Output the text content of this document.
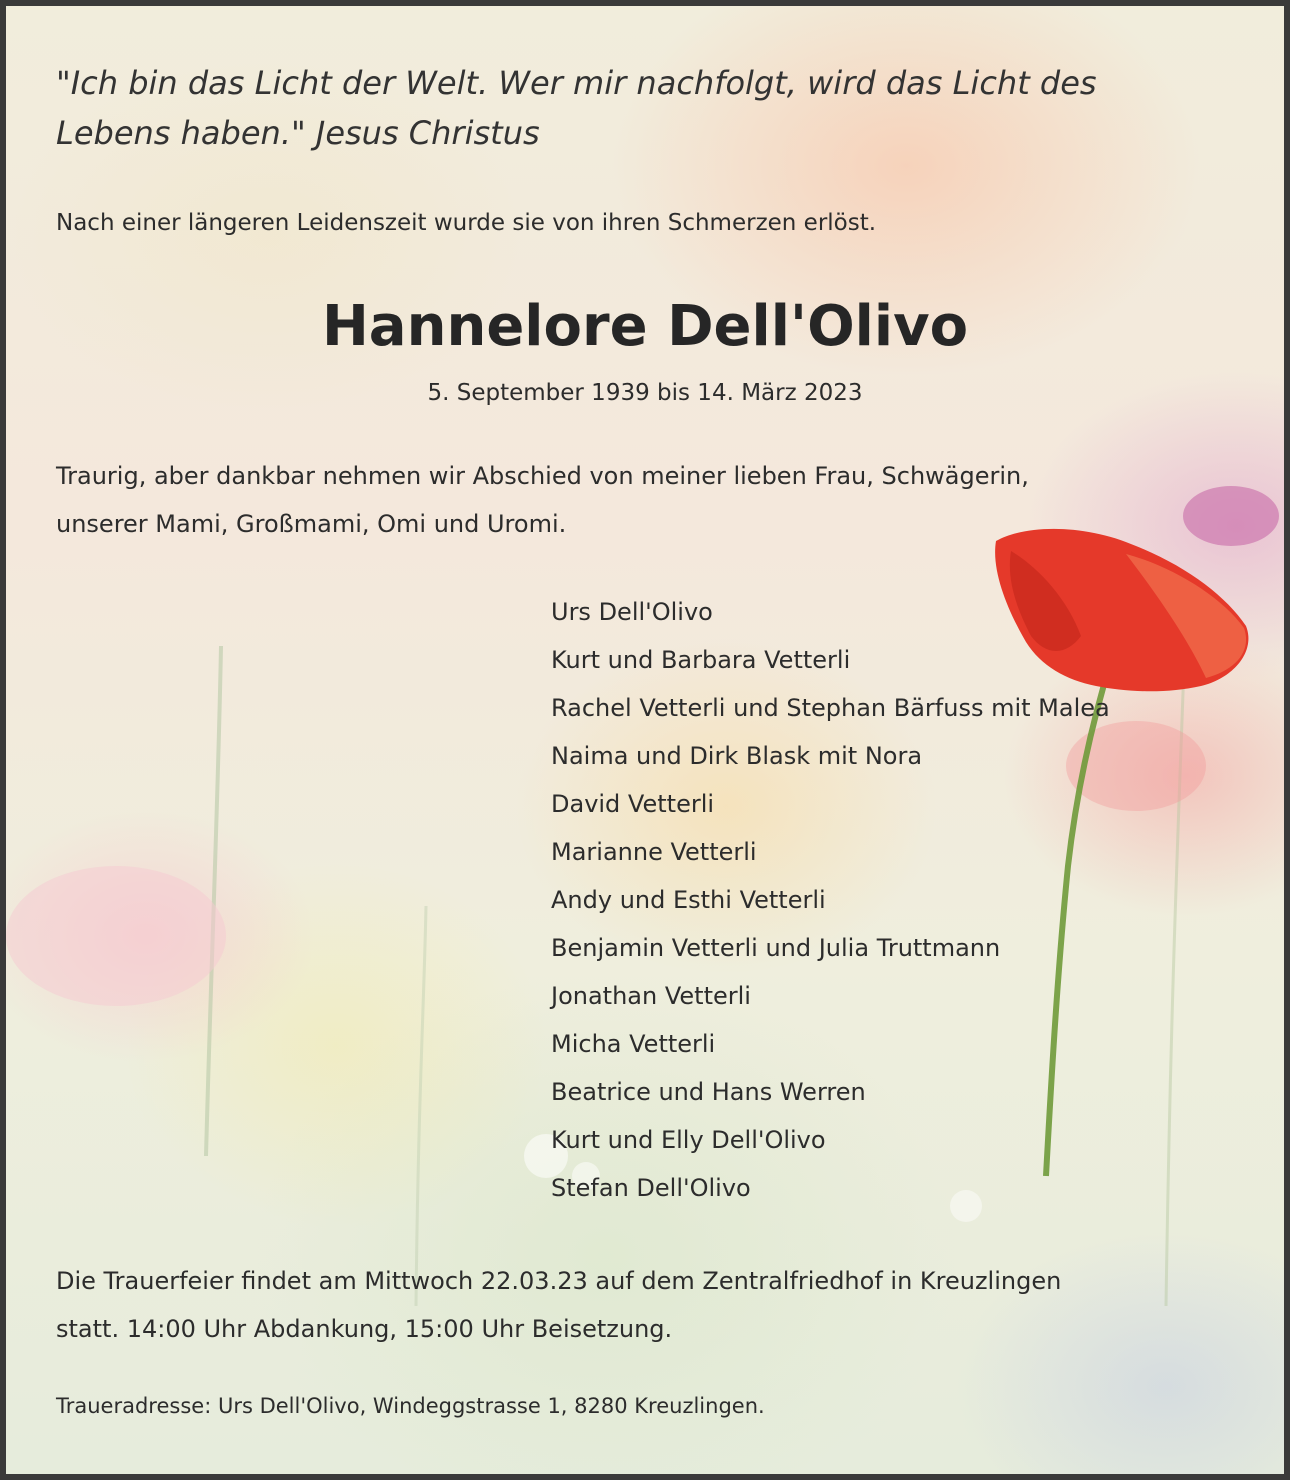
"Ich bin das Licht der Welt. Wer mir nachfolgt, wird das Licht des
Lebens haben." Jesus Christus
Nach einer längeren Leidenszeit wurde sie von ihren Schmerzen erlöst.
Hannelore Dell'Olivo
5. September 1939 bis 14. März 2023
Traurig, aber dankbar nehmen wir Abschied von meiner lieben Frau, Schwägerin,
unserer Mami, Großmami, Omi und Uromi.
Urs Dell'Olivo
Kurt und Barbara Vetterli
Rachel Vetterli und Stephan Bärfuss mit Malea
Naima und Dirk Blask mit Nora
David Vetterli
Marianne Vetterli
Andy und Esthi Vetterli
Benjamin Vetterli und Julia Truttmann
Jonathan Vetterli
Micha Vetterli
Beatrice und Hans Werren
Kurt und Elly Dell'Olivo
Stefan Dell'Olivo
Die Trauerfeier findet am Mittwoch 22.03.23 auf dem Zentralfriedhof in Kreuzlingen
statt. 14:00 Uhr Abdankung, 15:00 Uhr Beisetzung.
Traueradresse: Urs Dell'Olivo, Windeggstrasse 1, 8280 Kreuzlingen.
